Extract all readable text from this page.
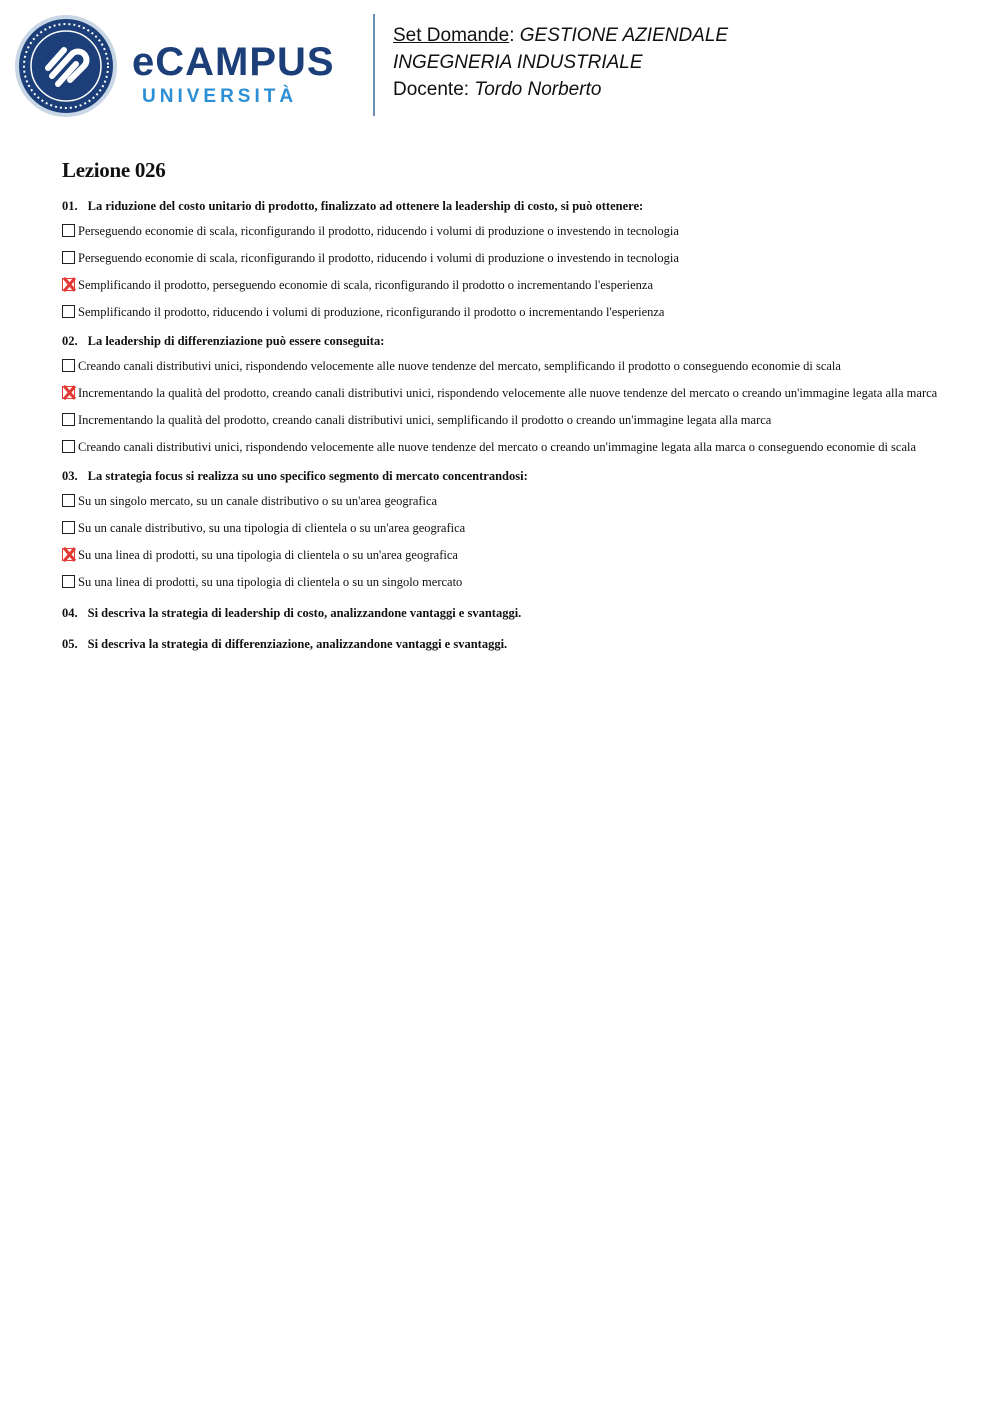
eCAMPUS
UNIVERSITÀ
Set Domande: GESTIONE AZIENDALE
INGEGNERIA INDUSTRIALE
Docente: Tordo Norberto
Lezione 026

01. La riduzione del costo unitario di prodotto, finalizzato ad ottenere la leadership di costo, si può ottenere:

Perseguendo economie di scala, riconfigurando il prodotto, riducendo i volumi di produzione o investendo in tecnologia
Perseguendo economie di scala, riconfigurando il prodotto, riducendo i volumi di produzione o investendo in tecnologia
Semplificando il prodotto, perseguendo economie di scala, riconfigurando il prodotto o incrementando l'esperienza
Semplificando il prodotto, riducendo i volumi di produzione, riconfigurando il prodotto o incrementando l'esperienza

02. La leadership di differenziazione può essere conseguita:

Creando canali distributivi unici, rispondendo velocemente alle nuove tendenze del mercato, semplificando il prodotto o conseguendo economie di scala
Incrementando la qualità del prodotto, creando canali distributivi unici, rispondendo velocemente alle nuove tendenze del mercato o creando un'immagine legata alla marca
Incrementando la qualità del prodotto, creando canali distributivi unici, semplificando il prodotto o creando un'immagine legata alla marca
Creando canali distributivi unici, rispondendo velocemente alle nuove tendenze del mercato o creando un'immagine legata alla marca o conseguendo economie di scala

03. La strategia focus si realizza su uno specifico segmento di mercato concentrandosi:

Su un singolo mercato, su un canale distributivo o su un'area geografica
Su un canale distributivo, su una tipologia di clientela o su un'area geografica
Su una linea di prodotti, su una tipologia di clientela o su un'area geografica
Su una linea di prodotti, su una tipologia di clientela o su un singolo mercato

04. Si descriva la strategia di leadership di costo, analizzandone vantaggi e svantaggi.

05. Si descriva la strategia di differenziazione, analizzandone vantaggi e svantaggi.
